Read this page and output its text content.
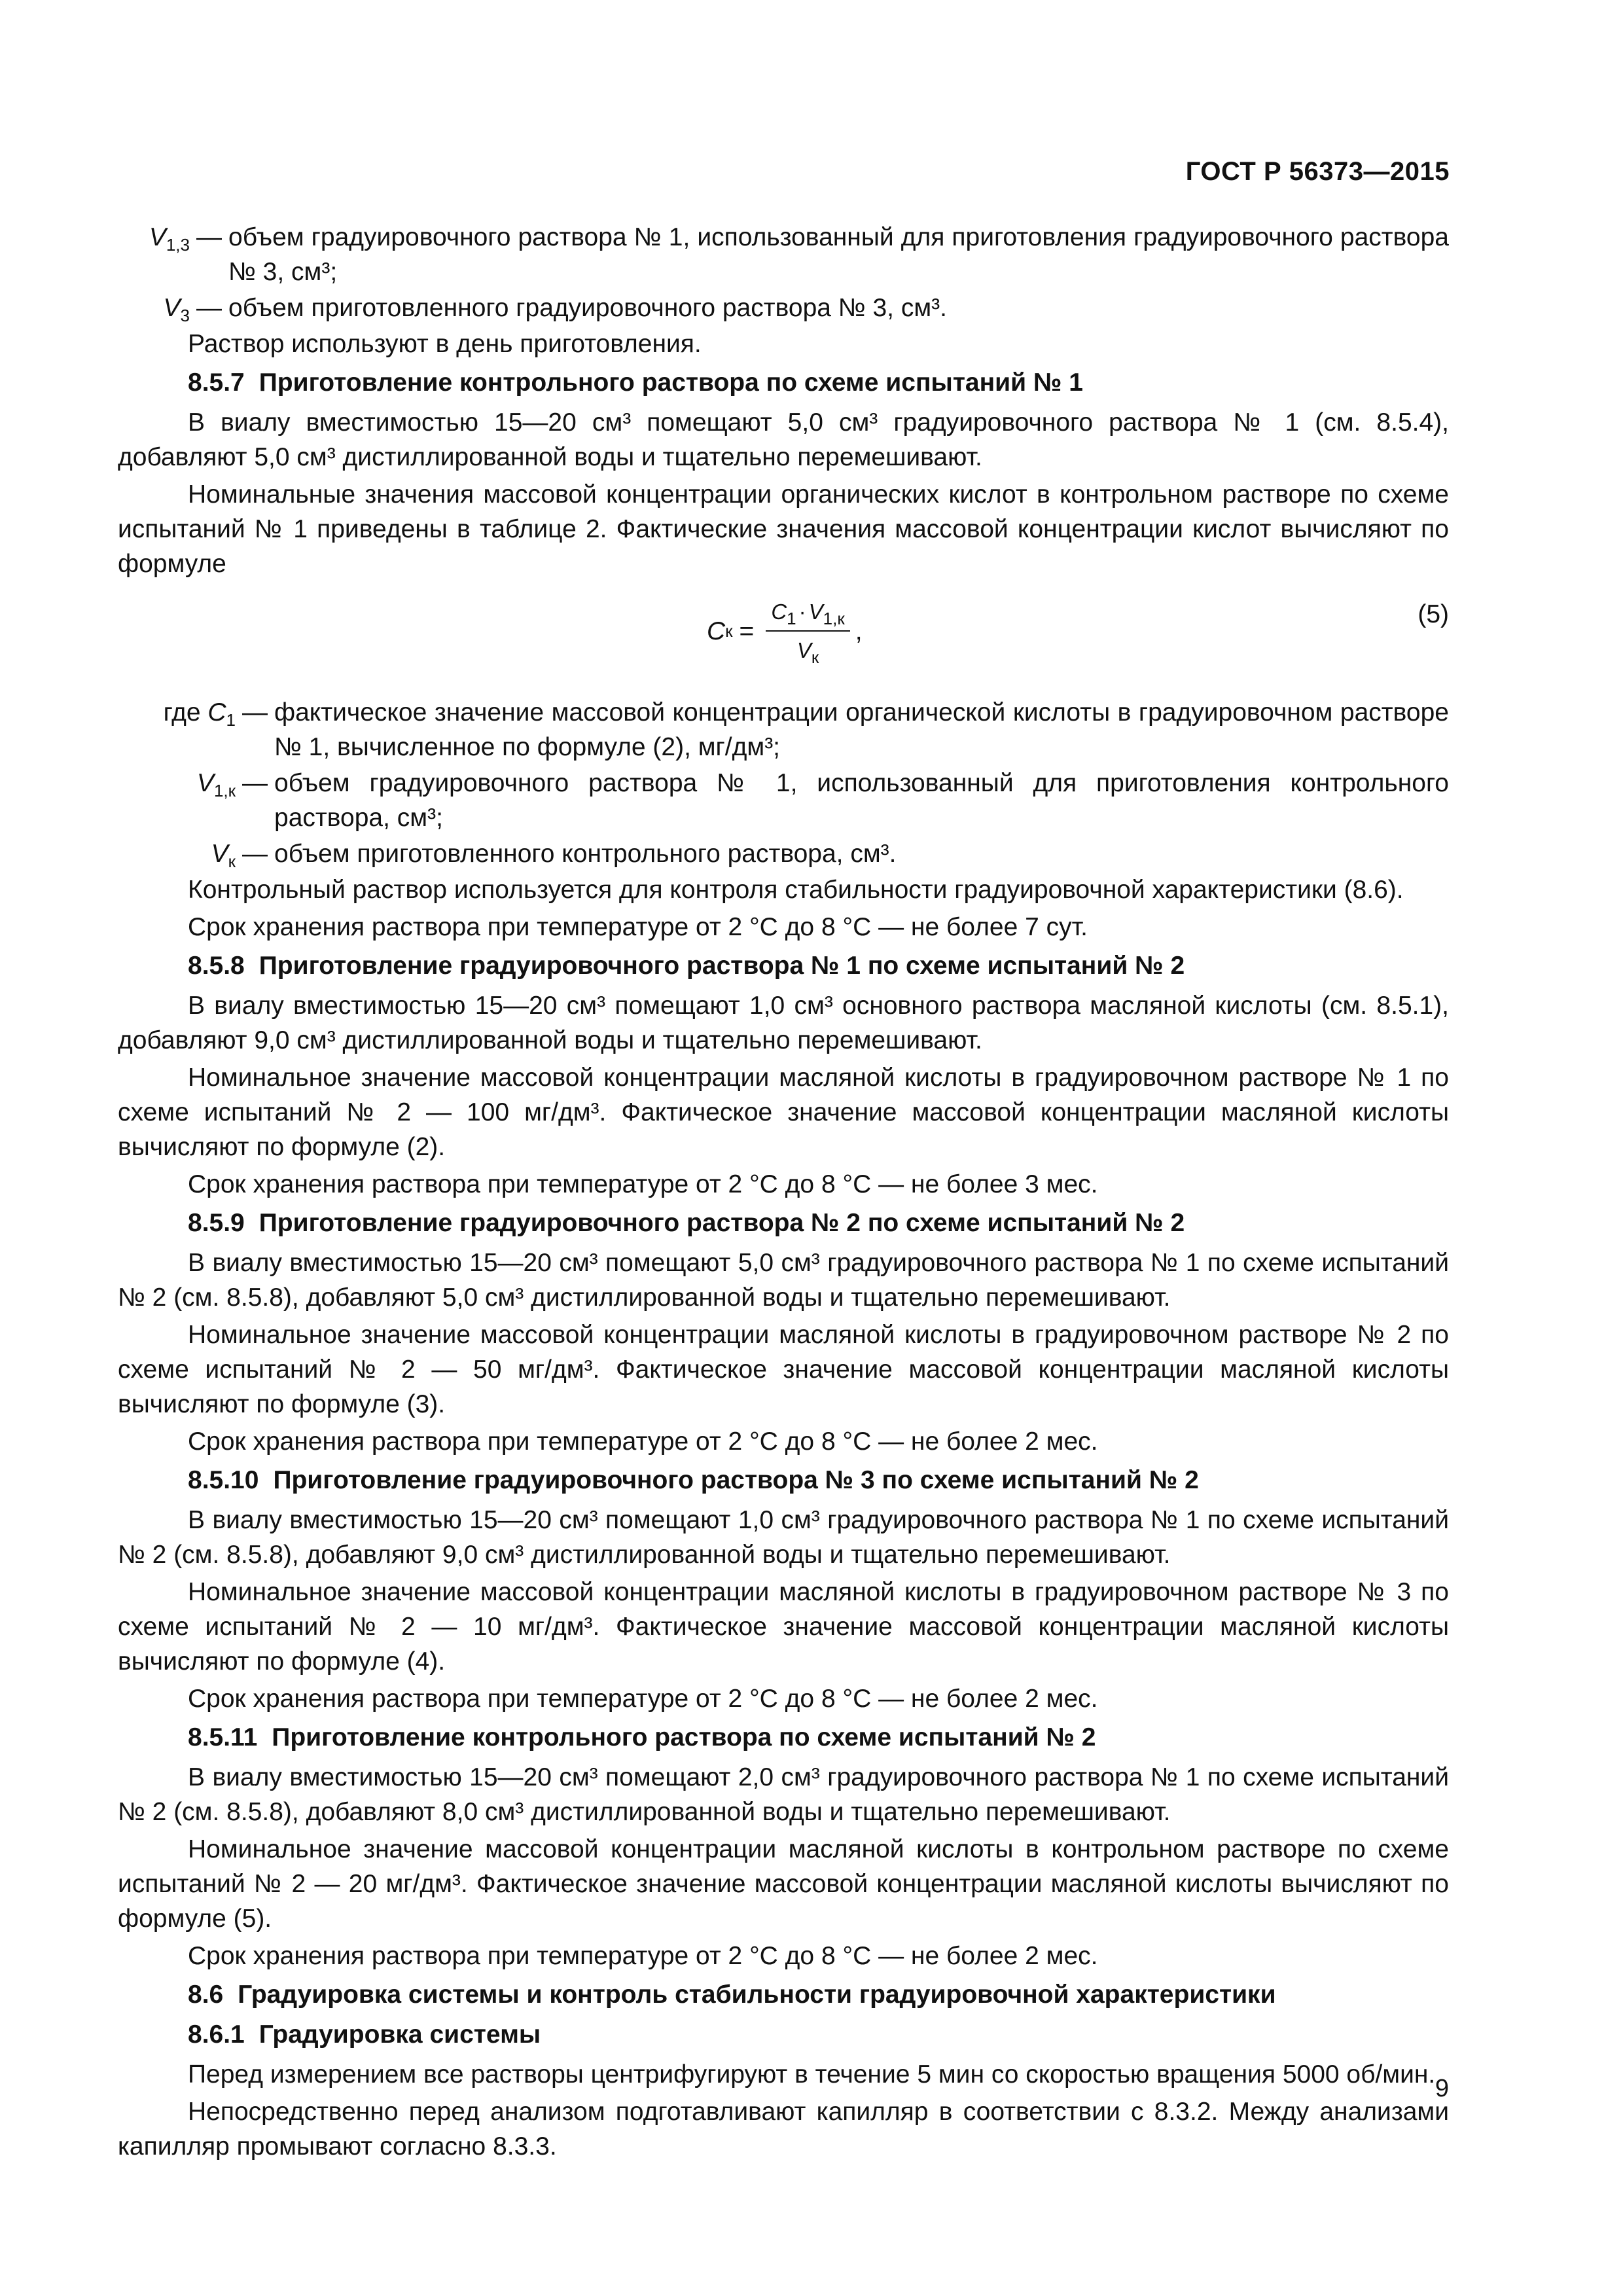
ГОСТ Р 56373—2015
$V_{1,3}$ — объем градуировочного раствора № 1, использованный для приготовления градуировочного раствора № 3, см³;
$V_3$ — объем приготовленного градуировочного раствора № 3, см³.

Раствор используют в день приготовления.

8.5.7 Приготовление контрольного раствора по схеме испытаний № 1

В виалу вместимостью 15—20 см³ помещают 5,0 см³ градуировочного раствора № 1 (см. 8.5.4), добавляют 5,0 см³ дистиллированной воды и тщательно перемешивают.

Номинальные значения массовой концентрации органических кислот в контрольном растворе по схеме испытаний № 1 приведены в таблице 2. Фактические значения массовой концентрации кислот вычисляют по формуле

C $к = \frac{C_1 \cdot V_{1,к}}{V_к}$ ,
(5)
где $C_1$ — фактическое значение массовой концентрации органической кислоты в градуировочном растворе № 1, вычисленное по формуле (2), мг/дм³;
$V_{1,к}$ — объем градуировочного раствора № 1, использованный для приготовления контрольного раствора, см³;
$V_к$ — объем приготовленного контрольного раствора, см³.

Контрольный раствор используется для контроля стабильности градуировочной характеристики (8.6).

Срок хранения раствора при температуре от 2 °С до 8 °С — не более 7 сут.

8.5.8 Приготовление градуировочного раствора № 1 по схеме испытаний № 2

В виалу вместимостью 15—20 см³ помещают 1,0 см³ основного раствора масляной кислоты (см. 8.5.1), добавляют 9,0 см³ дистиллированной воды и тщательно перемешивают.

Номинальное значение массовой концентрации масляной кислоты в градуировочном растворе № 1 по схеме испытаний № 2 — 100 мг/дм³. Фактическое значение массовой концентрации масляной кислоты вычисляют по формуле (2).

Срок хранения раствора при температуре от 2 °С до 8 °С — не более 3 мес.

8.5.9 Приготовление градуировочного раствора № 2 по схеме испытаний № 2

В виалу вместимостью 15—20 см³ помещают 5,0 см³ градуировочного раствора № 1 по схеме испытаний № 2 (см. 8.5.8), добавляют 5,0 см³ дистиллированной воды и тщательно перемешивают.

Номинальное значение массовой концентрации масляной кислоты в градуировочном растворе № 2 по схеме испытаний № 2 — 50 мг/дм³. Фактическое значение массовой концентрации масляной кислоты вычисляют по формуле (3).

Срок хранения раствора при температуре от 2 °С до 8 °С — не более 2 мес.

8.5.10 Приготовление градуировочного раствора № 3 по схеме испытаний № 2

В виалу вместимостью 15—20 см³ помещают 1,0 см³ градуировочного раствора № 1 по схеме испытаний № 2 (см. 8.5.8), добавляют 9,0 см³ дистиллированной воды и тщательно перемешивают.

Номинальное значение массовой концентрации масляной кислоты в градуировочном растворе № 3 по схеме испытаний № 2 — 10 мг/дм³. Фактическое значение массовой концентрации масляной кислоты вычисляют по формуле (4).

Срок хранения раствора при температуре от 2 °С до 8 °С — не более 2 мес.

8.5.11 Приготовление контрольного раствора по схеме испытаний № 2

В виалу вместимостью 15—20 см³ помещают 2,0 см³ градуировочного раствора № 1 по схеме испытаний № 2 (см. 8.5.8), добавляют 8,0 см³ дистиллированной воды и тщательно перемешивают.

Номинальное значение массовой концентрации масляной кислоты в контрольном растворе по схеме испытаний № 2 — 20 мг/дм³. Фактическое значение массовой концентрации масляной кислоты вычисляют по формуле (5).

Срок хранения раствора при температуре от 2 °С до 8 °С — не более 2 мес.

8.6 Градуировка системы и контроль стабильности градуировочной характеристики
8.6.1 Градуировка системы

Перед измерением все растворы центрифугируют в течение 5 мин со скоростью вращения 5000 об/мин.

Непосредственно перед анализом подготавливают капилляр в соответствии с 8.3.2. Между анализами капилляр промывают согласно 8.3.3.

9
